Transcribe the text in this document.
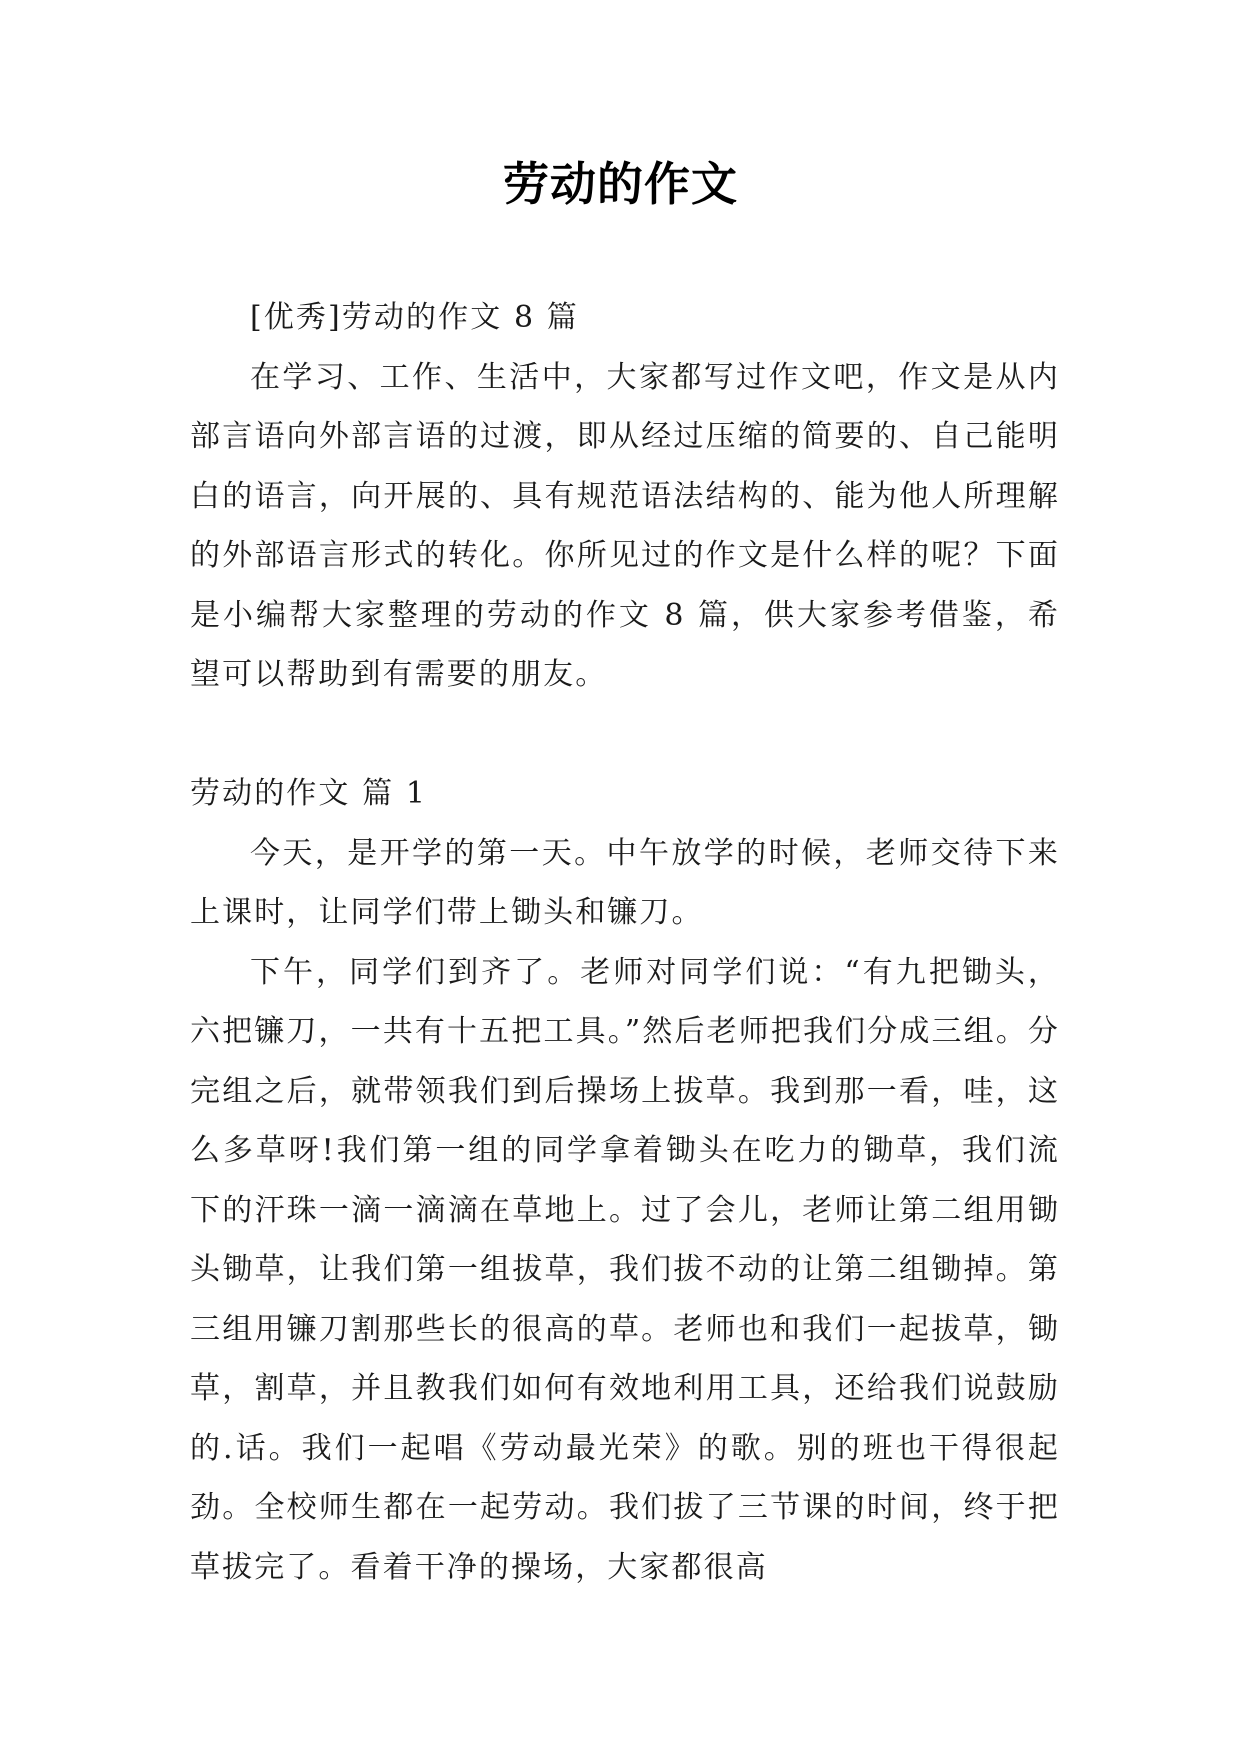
劳动的作文

[优秀]劳动的作文 8 篇

在学习、工作、生活中，大家都写过作文吧，作文是从内部言语向外部言语的过渡，即从经过压缩的简要的、自己能明白的语言，向开展的、具有规范语法结构的、能为他人所理解的外部语言形式的转化。你所见过的作文是什么样的呢？下面是小编帮大家整理的劳动的作文 8 篇，供大家参考借鉴，希望可以帮助到有需要的朋友。

劳动的作文 篇 1

今天，是开学的第一天。中午放学的时候，老师交待下来上课时，让同学们带上锄头和镰刀。

下午，同学们到齐了。老师对同学们说：“有九把锄头，六把镰刀，一共有十五把工具。”然后老师把我们分成三组。分完组之后，就带领我们到后操场上拔草。我到那一看，哇，这么多草呀!我们第一组的同学拿着锄头在吃力的锄草，我们流下的汗珠一滴一滴滴在草地上。过了会儿，老师让第二组用锄头锄草，让我们第一组拔草，我们拔不动的让第二组锄掉。第三组用镰刀割那些长的很高的草。老师也和我们一起拔草，锄草，割草，并且教我们如何有效地利用工具，还给我们说鼓励的.话。我们一起唱《劳动最光荣》的歌。别的班也干得很起劲。全校师生都在一起劳动。我们拔了三节课的时间，终于把草拔完了。看着干净的操场，大家都很高
